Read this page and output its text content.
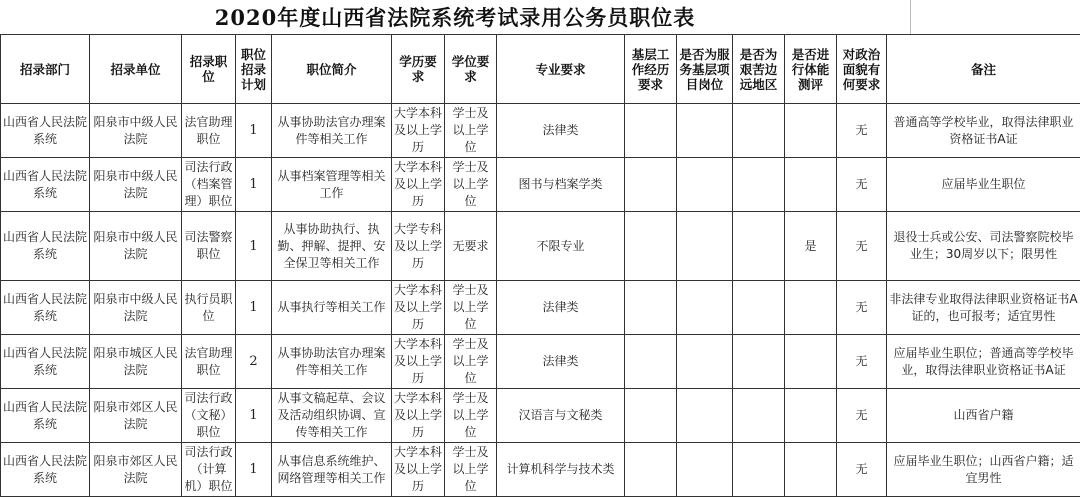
2020年度山西省法院系统考试录用公务员职位表
招录部门	招录单位	招录职位	职位招录计划	职位简介	学历要求	学位要求	专业要求	基层工作经历要求	是否为服务基层项目岗位	是否为艰苦边远地区	是否进行体能测评	对政治面貌有何要求	备注
山西省人民法院系统	阳泉市中级人民法院	法官助理职位	1	从事协助法官办理案件等相关工作	大学本科及以上学历	学士及以上学位	法律类					无	普通高等学校毕业，取得法律职业资格证书A证
山西省人民法院系统	阳泉市中级人民法院	司法行政（档案管理）职位	1	从事档案管理等相关工作	大学本科及以上学历	学士及以上学位	图书与档案学类					无	应届毕业生职位
山西省人民法院系统	阳泉市中级人民法院	司法警察职位	1	从事协助执行、执勤、押解、提押、安全保卫等相关工作	大学专科及以上学历	无要求	不限专业				是	无	退役士兵或公安、司法警察院校毕业生；30周岁以下；限男性
山西省人民法院系统	阳泉市中级人民法院	执行员职位	1	从事执行等相关工作	大学本科及以上学历	学士及以上学位	法律类					无	非法律专业取得法律职业资格证书A证的，也可报考；适宜男性
山西省人民法院系统	阳泉市城区人民法院	法官助理职位	2	从事协助法官办理案件等相关工作	大学本科及以上学历	学士及以上学位	法律类					无	应届毕业生职位；普通高等学校毕业，取得法律职业资格证书A证
山西省人民法院系统	阳泉市郊区人民法院	司法行政（文秘）职位	1	从事文稿起草、会议及活动组织协调、宣传等相关工作	大学本科及以上学历	学士及以上学位	汉语言与文秘类					无	山西省户籍
山西省人民法院系统	阳泉市郊区人民法院	司法行政（计算机）职位	1	从事信息系统维护、网络管理等相关工作	大学本科及以上学历	学士及以上学位	计算机科学与技术类					无	应届毕业生职位；山西省户籍；适宜男性
